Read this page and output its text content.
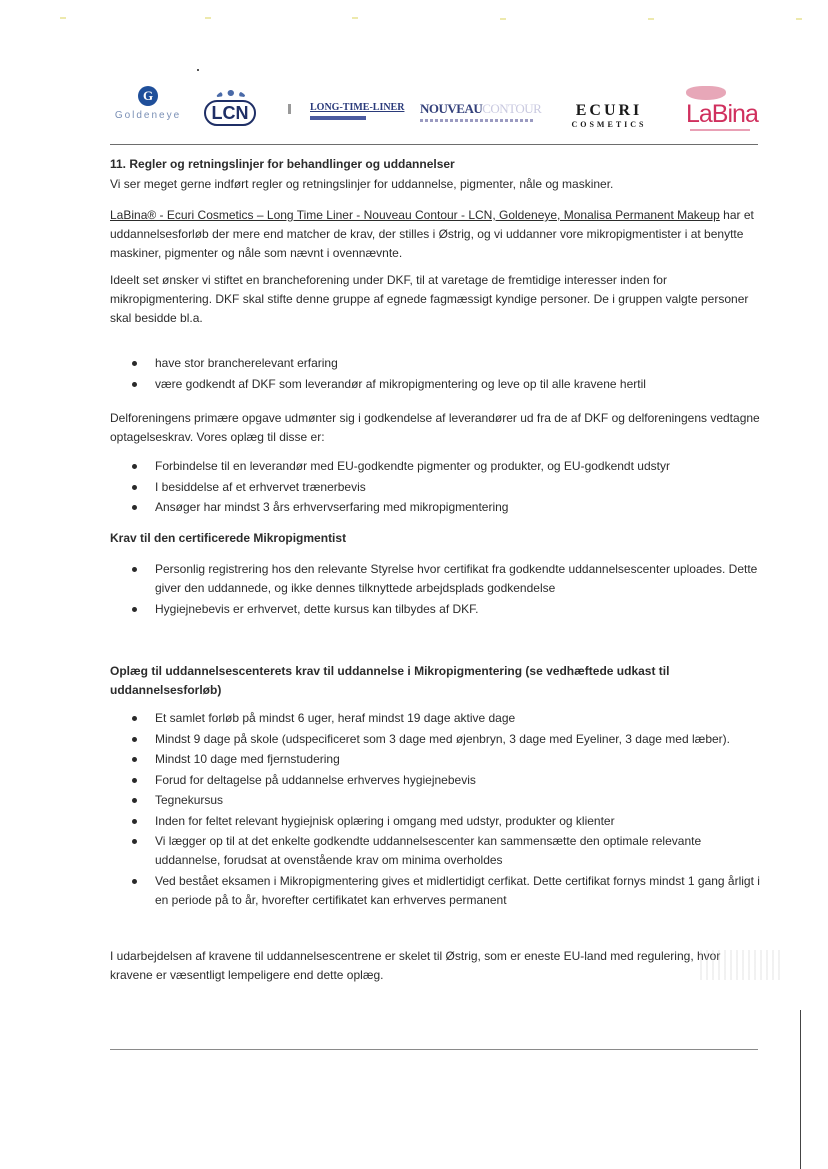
G
Goldeneye	LCN	LONG-TIME-LINER NOUVEAUCONTOUR	ECURI
COSMETICS LaBina
11. Regler og retningslinjer for behandlinger og uddannelser
Vi ser meget gerne indført regler og retningslinjer for uddannelse, pigmenter, nåle og maskiner.
LaBina® - Ecuri Cosmetics – Long Time Liner - Nouveau Contour - LCN, Goldeneye, Monalisa Permanent Makeup har et uddannelsesforløb der mere end matcher de krav, der stilles i Østrig, og vi uddanner vore mikropigmentister i at benytte maskiner, pigmenter og nåle som nævnt i ovennævnte.
Ideelt set ønsker vi stiftet en brancheforening under DKF, til at varetage de fremtidige interesser inden for mikropigmentering. DKF skal stifte denne gruppe af egnede fagmæssigt kyndige personer. De i gruppen valgte personer skal besidde bl.a.
have stor brancherelevant erfaring
være godkendt af DKF som leverandør af mikropigmentering og leve op til alle kravene hertil
Delforeningens primære opgave udmønter sig i godkendelse af leverandører ud fra de af DKF og delforeningens vedtagne optagelseskrav. Vores oplæg til disse er:
Forbindelse til en leverandør med EU-godkendte pigmenter og produkter, og EU-godkendt udstyr
I besiddelse af et erhvervet trænerbevis
Ansøger har mindst 3 års erhvervserfaring med mikropigmentering
Krav til den certificerede Mikropigmentist
Personlig registrering hos den relevante Styrelse hvor certifikat fra godkendte uddannelsescenter uploades. Dette giver den uddannede, og ikke dennes tilknyttede arbejdsplads godkendelse
Hygiejnebevis er erhvervet, dette kursus kan tilbydes af DKF.
Oplæg til uddannelsescenterets krav til uddannelse i Mikropigmentering (se vedhæftede udkast til uddannelsesforløb)
Et samlet forløb på mindst 6 uger, heraf mindst 19 dage aktive dage
Mindst 9 dage på skole (udspecificeret som 3 dage med øjenbryn, 3 dage med Eyeliner, 3 dage med læber).
Mindst 10 dage med fjernstudering
Forud for deltagelse på uddannelse erhverves hygiejnebevis
Tegnekursus
Inden for feltet relevant hygiejnisk oplæring i omgang med udstyr, produkter og klienter
Vi lægger op til at det enkelte godkendte uddannelsescenter kan sammensætte den optimale relevante uddannelse, forudsat at ovenstående krav om minima overholdes
Ved bestået eksamen i Mikropigmentering gives et midlertidigt cerfikat. Dette certifikat fornys mindst 1 gang årligt i en periode på to år, hvorefter certifikatet kan erhverves permanent
I udarbejdelsen af kravene til uddannelsescentrene er skelet til Østrig, som er eneste EU-land med regulering, hvor kravene er væsentligt lempeligere end dette oplæg.
